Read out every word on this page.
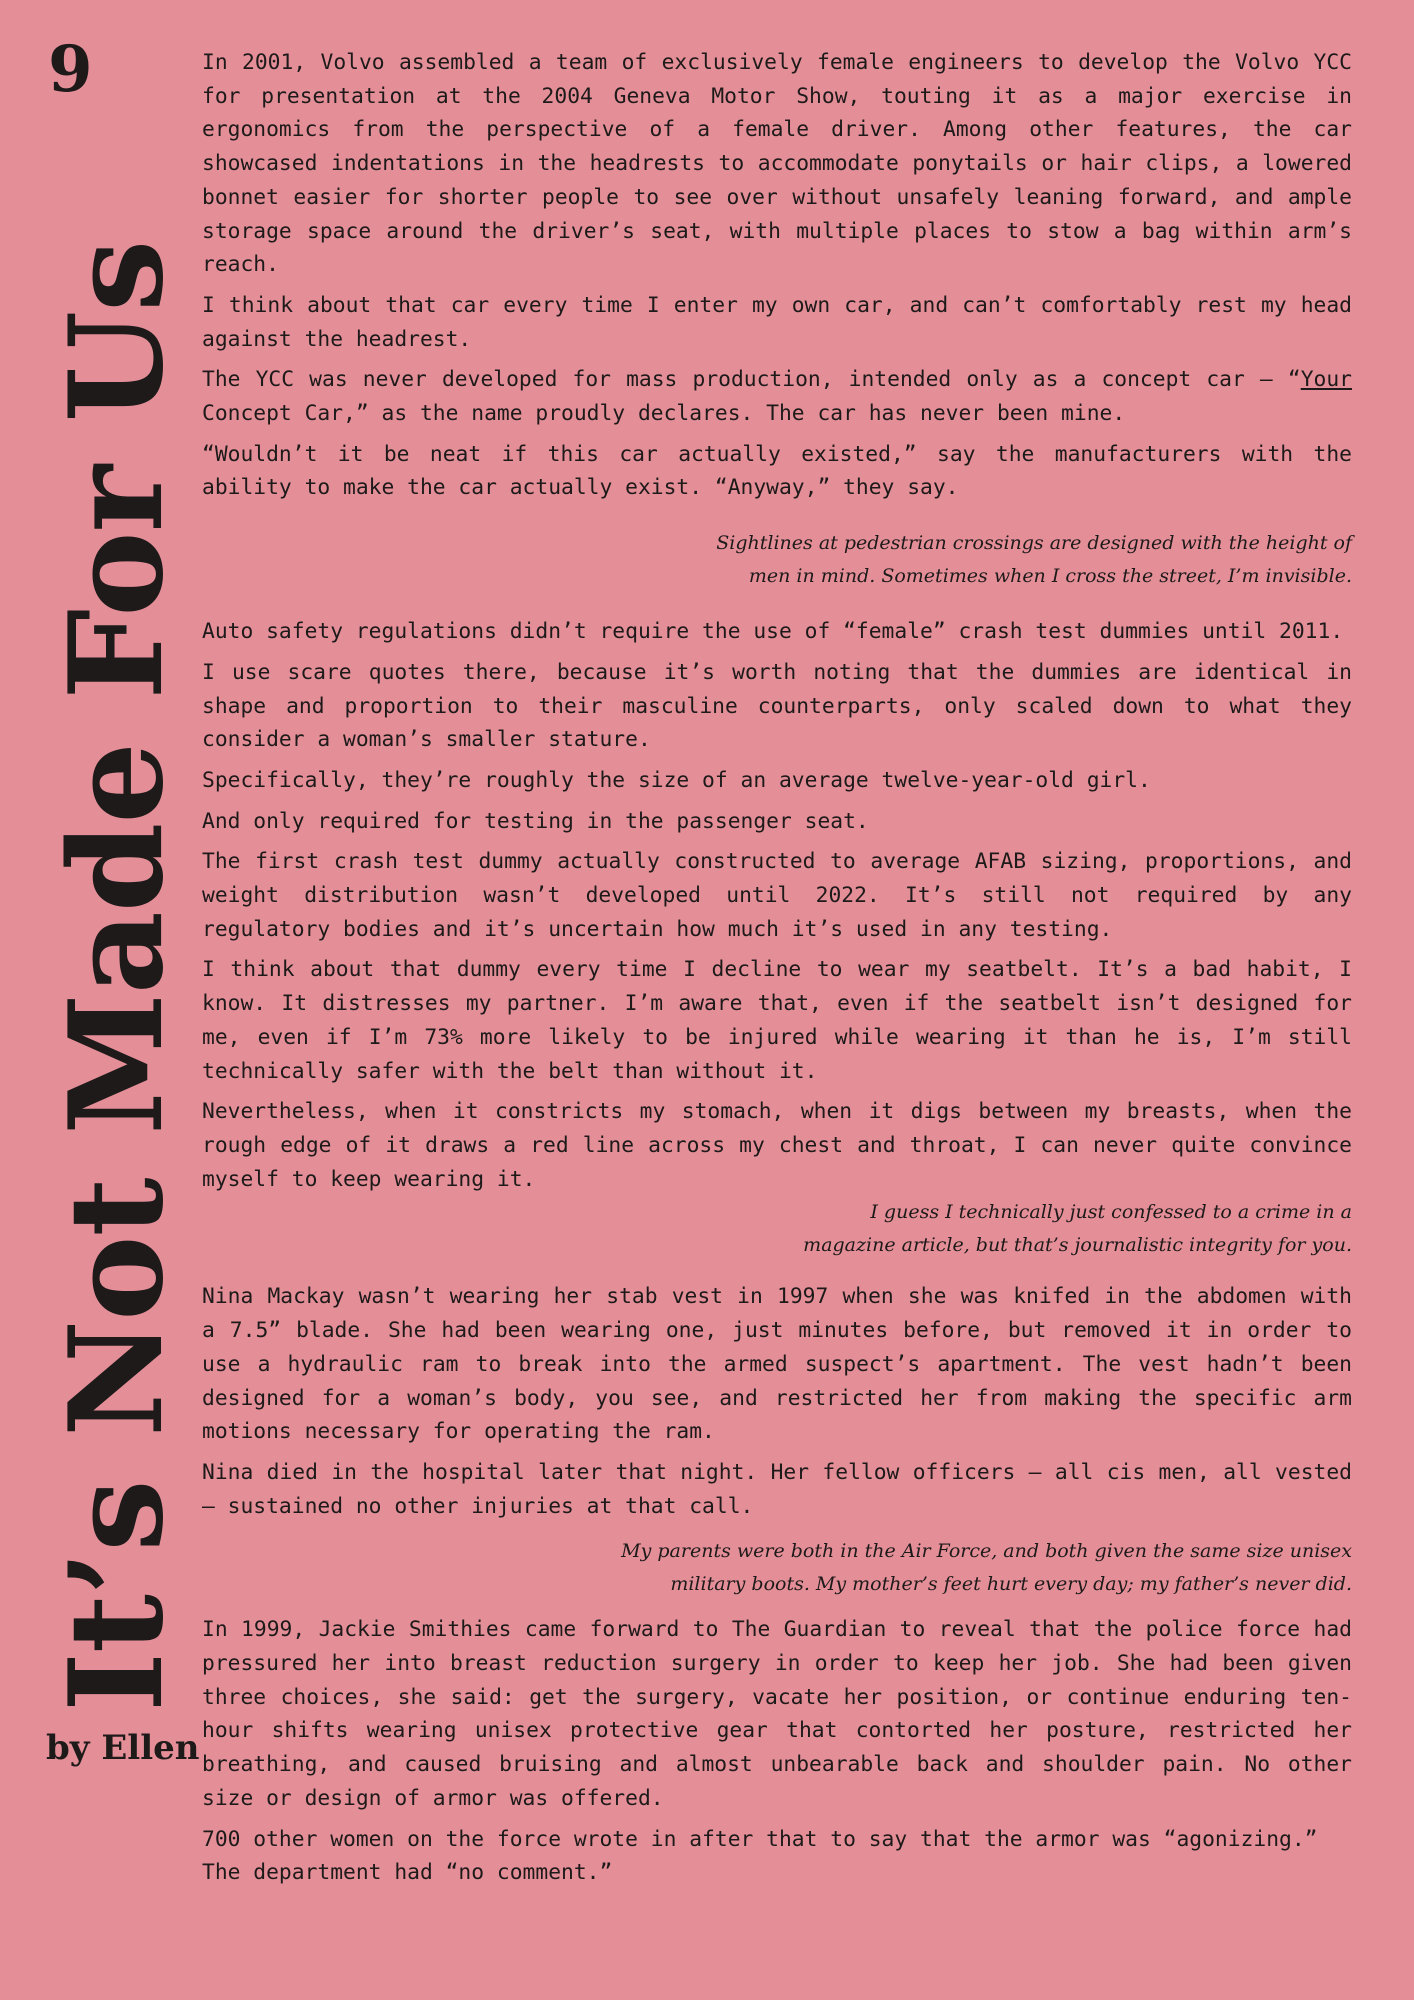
9
It’s Not Made For Us
by Ellen

In 2001, Volvo assembled a team of exclusively female engineers to develop the Volvo YCC for presentation at the 2004 Geneva Motor Show, touting it as a major exercise in ergonomics from the perspective of a female driver. Among other features, the car showcased indentations in the headrests to accommodate ponytails or hair clips, a lowered bonnet easier for shorter people to see over without unsafely leaning forward, and ample storage space around the driver’s seat, with multiple places to stow a bag within arm’s reach.

I think about that car every time I enter my own car, and can’t comfortably rest my head against the headrest.

The YCC was never developed for mass production, intended only as a concept car – “Your Concept Car,” as the name proudly declares. The car has never been mine.

“Wouldn’t it be neat if this car actually existed,” say the manufacturers with the ability to make the car actually exist. “Anyway,” they say.

Sightlines at pedestrian crossings are designed with the height of
men in mind. Sometimes when I cross the street, I’m invisible.

Auto safety regulations didn’t require the use of “female” crash test dummies until 2011.

I use scare quotes there, because it’s worth noting that the dummies are identical in shape and proportion to their masculine counterparts, only scaled down to what they consider a woman’s smaller stature.

Specifically, they’re roughly the size of an average twelve-year-old girl.

And only required for testing in the passenger seat.

The first crash test dummy actually constructed to average AFAB sizing, proportions, and weight distribution wasn’t developed until 2022. It’s still not required by any regulatory bodies and it’s uncertain how much it’s used in any testing.

I think about that dummy every time I decline to wear my seatbelt. It’s a bad habit, I know. It distresses my partner. I’m aware that, even if the seatbelt isn’t designed for me, even if I’m 73% more likely to be injured while wearing it than he is, I’m still technically safer with the belt than without it.

Nevertheless, when it constricts my stomach, when it digs between my breasts, when the rough edge of it draws a red line across my chest and throat, I can never quite convince myself to keep wearing it.

I guess I technically just confessed to a crime in a
magazine article, but that’s journalistic integrity for you.

Nina Mackay wasn’t wearing her stab vest in 1997 when she was knifed in the abdomen with a 7.5” blade. She had been wearing one, just minutes before, but removed it in order to use a hydraulic ram to break into the armed suspect’s apartment. The vest hadn’t been designed for a woman’s body, you see, and restricted her from making the specific arm motions necessary for operating the ram.

Nina died in the hospital later that night. Her fellow officers – all cis men, all vested – sustained no other injuries at that call.

My parents were both in the Air Force, and both given the same size unisex
military boots. My mother’s feet hurt every day; my father’s never did.

In 1999, Jackie Smithies came forward to The Guardian to reveal that the police force had pressured her into breast reduction surgery in order to keep her job. She had been given three choices, she said: get the surgery, vacate her position, or continue enduring ten-hour shifts wearing unisex protective gear that contorted her posture, restricted her breathing, and caused bruising and almost unbearable back and shoulder pain. No other size or design of armor was offered.

700 other women on the force wrote in after that to say that the armor was “agonizing.” The department had “no comment.”
